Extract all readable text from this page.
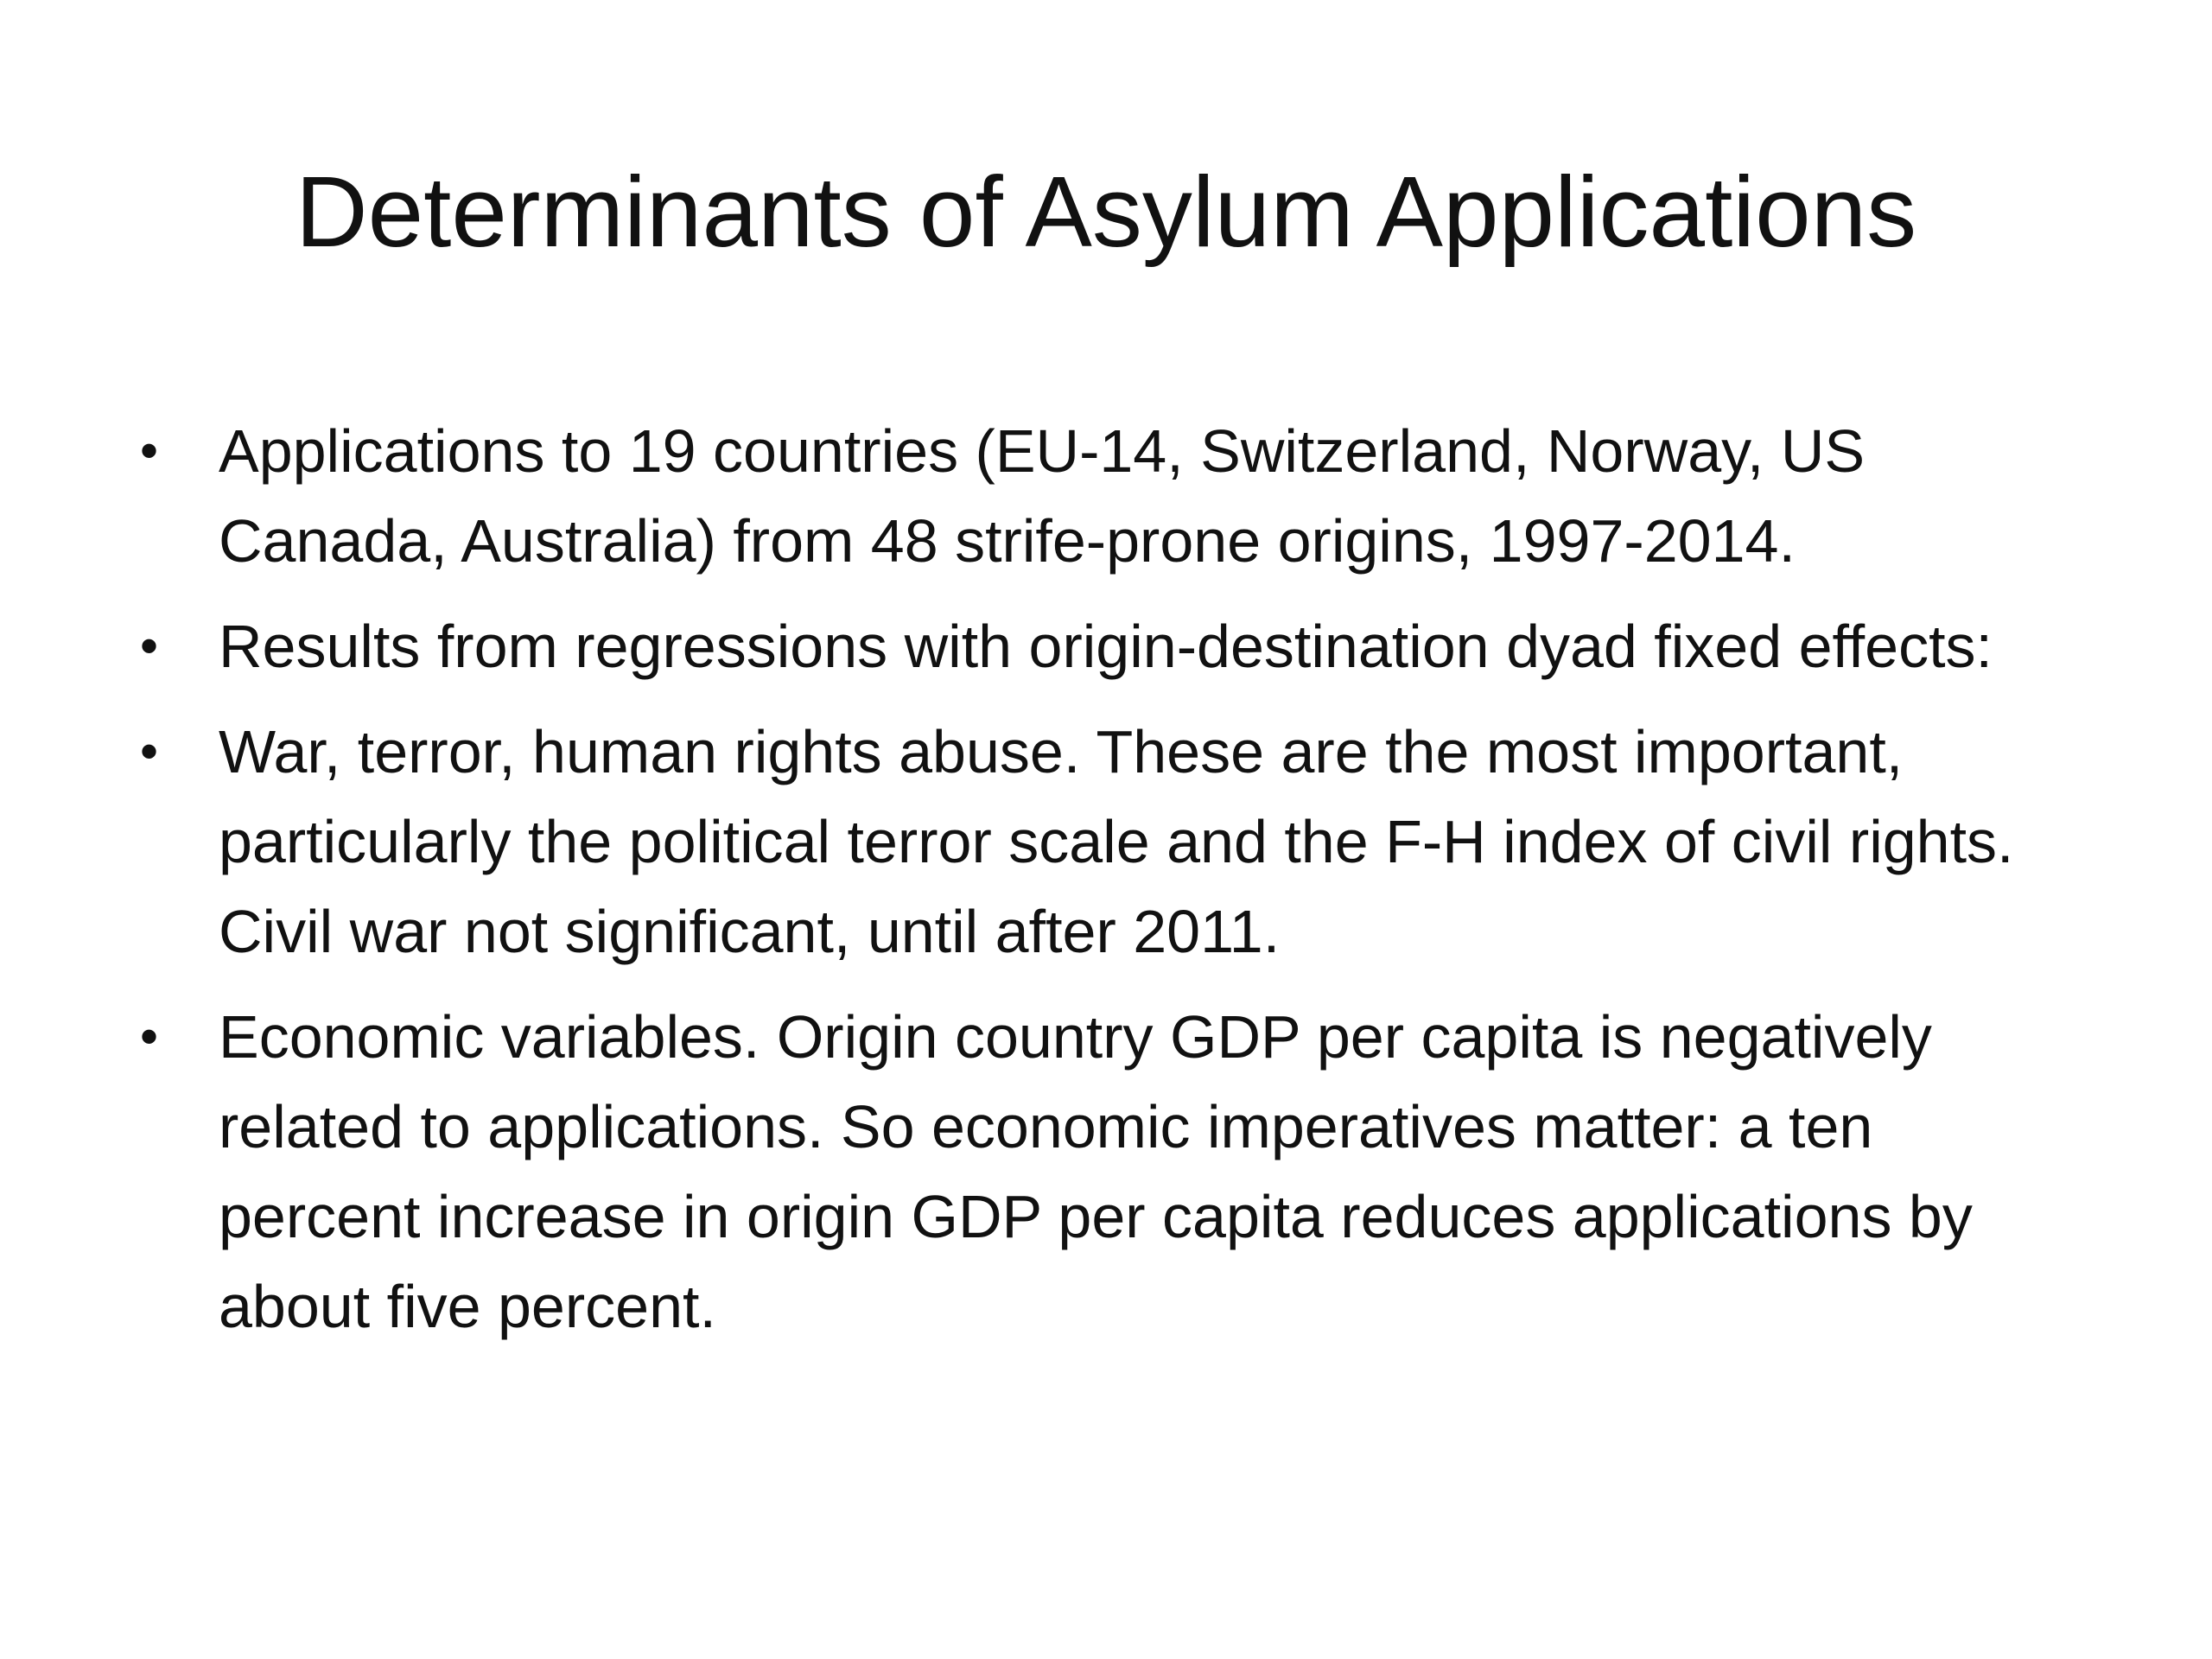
Determinants of Asylum Applications
• Applications to 19 countries (EU-14, Switzerland, Norway, US Canada, Australia) from 48 strife-prone origins, 1997-2014.
• Results from regressions with origin-destination dyad fixed effects:
• War, terror, human rights abuse. These are the most important, particularly the political terror scale and the F-H index of civil rights. Civil war not significant, until after 2011.
• Economic variables. Origin country GDP per capita is negatively related to applications. So economic imperatives matter: a ten percent increase in origin GDP per capita reduces applications by about five percent.
